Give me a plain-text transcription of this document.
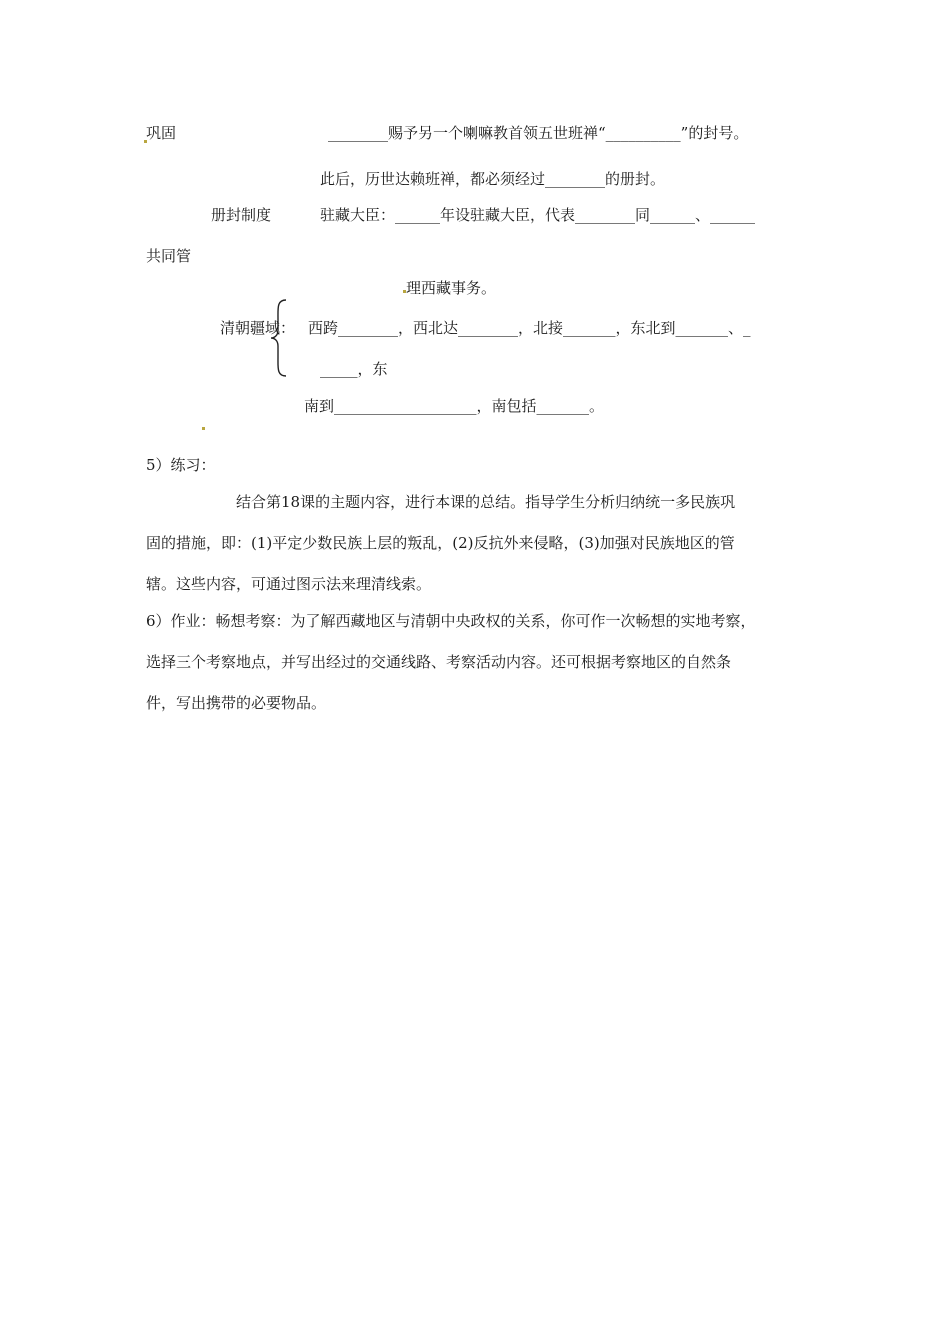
巩固	________赐予另一个喇嘛教首领五世班禅“__________”的封号。
此后，历世达赖班禅，都必须经过________的册封。
册封制度	驻藏大臣：______年设驻藏大臣，代表________同______、______
共同管
理西藏事务。
清朝疆域： 西跨________，西北达________，北接_______，东北到_______、_
_____，东
南到___________________，南包括_______。
5）练习：
结合第18课的主题内容，进行本课的总结。指导学生分析归纳统一多民族巩
固的措施，即：(1)平定少数民族上层的叛乱，(2)反抗外来侵略，(3)加强对民族地区的管
辖。这些内容，可通过图示法来理清线索。
6）作业：畅想考察：为了解西藏地区与清朝中央政权的关系，你可作一次畅想的实地考察，
选择三个考察地点，并写出经过的交通线路、考察活动内容。还可根据考察地区的自然条
件，写出携带的必要物品。
